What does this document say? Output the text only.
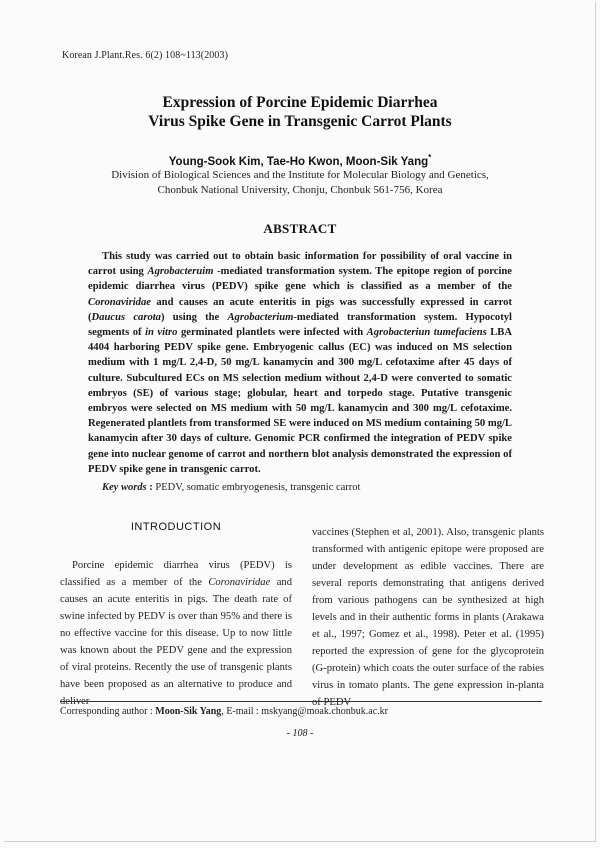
Korean J.Plant.Res. 6(2) 108~113(2003)
Expression of Porcine Epidemic Diarrhea
Virus Spike Gene in Transgenic Carrot Plants
Young-Sook Kim, Tae-Ho Kwon, Moon-Sik Yang*
Division of Biological Sciences and the Institute for Molecular Biology and Genetics,
Chonbuk National University, Chonju, Chonbuk 561-756, Korea
ABSTRACT
This study was carried out to obtain basic information for possibility of oral vaccine in carrot using Agrobacteruim -mediated transformation system. The epitope region of porcine epidemic diarrhea virus (PEDV) spike gene which is classified as a member of the Coronaviridae and causes an acute enteritis in pigs was successfully expressed in carrot (Daucus carota) using the Agrobacterium-mediated transformation system. Hypocotyl segments of in vitro germinated plantlets were infected with Agrobacteriun tumefaciens LBA 4404 harboring PEDV spike gene. Embryogenic callus (EC) was induced on MS selection medium with 1 mg/L 2,4-D, 50 mg/L kanamycin and 300 mg/L cefotaxime after 45 days of culture. Subcultured ECs on MS selection medium without 2,4-D were converted to somatic embryos (SE) of various stage; globular, heart and torpedo stage. Putative transgenic embryos were selected on MS medium with 50 mg/L kanamycin and 300 mg/L cefotaxime. Regenerated plantlets from transformed SE were induced on MS medium containing 50 mg/L kanamycin after 30 days of culture. Genomic PCR confirmed the integration of PEDV spike gene into nuclear genome of carrot and northern blot analysis demonstrated the expression of PEDV spike gene in transgenic carrot.
Key words : PEDV, somatic embryogenesis, transgenic carrot
INTRODUCTION
Porcine epidemic diarrhea virus (PEDV) is classified as a member of the Coronaviridae and causes an acute enteritis in pigs. The death rate of swine infected by PEDV is over than 95% and there is no effective vaccine for this disease. Up to now little was known about the PEDV gene and the expression of viral proteins. Recently the use of transgenic plants have been proposed as an alternative to produce and deliver
vaccines (Stephen et al, 2001). Also, transgenic plants transformed with antigenic epitope were proposed are under development as edible vaccines. There are several reports demonstrating that antigens derived from various pathogens can be synthesized at high levels and in their authentic forms in plants (Arakawa et al., 1997; Gomez et al., 1998). Peter et al. (1995) reported the expression of gene for the glycoprotein (G-protein) which coats the outer surface of the rabies virus in tomato plants. The gene expression in-planta of PEDV
Corresponding author : Moon-Sik Yang, E-mail : mskyang@moak.chonbuk.ac.kr
- 108 -
